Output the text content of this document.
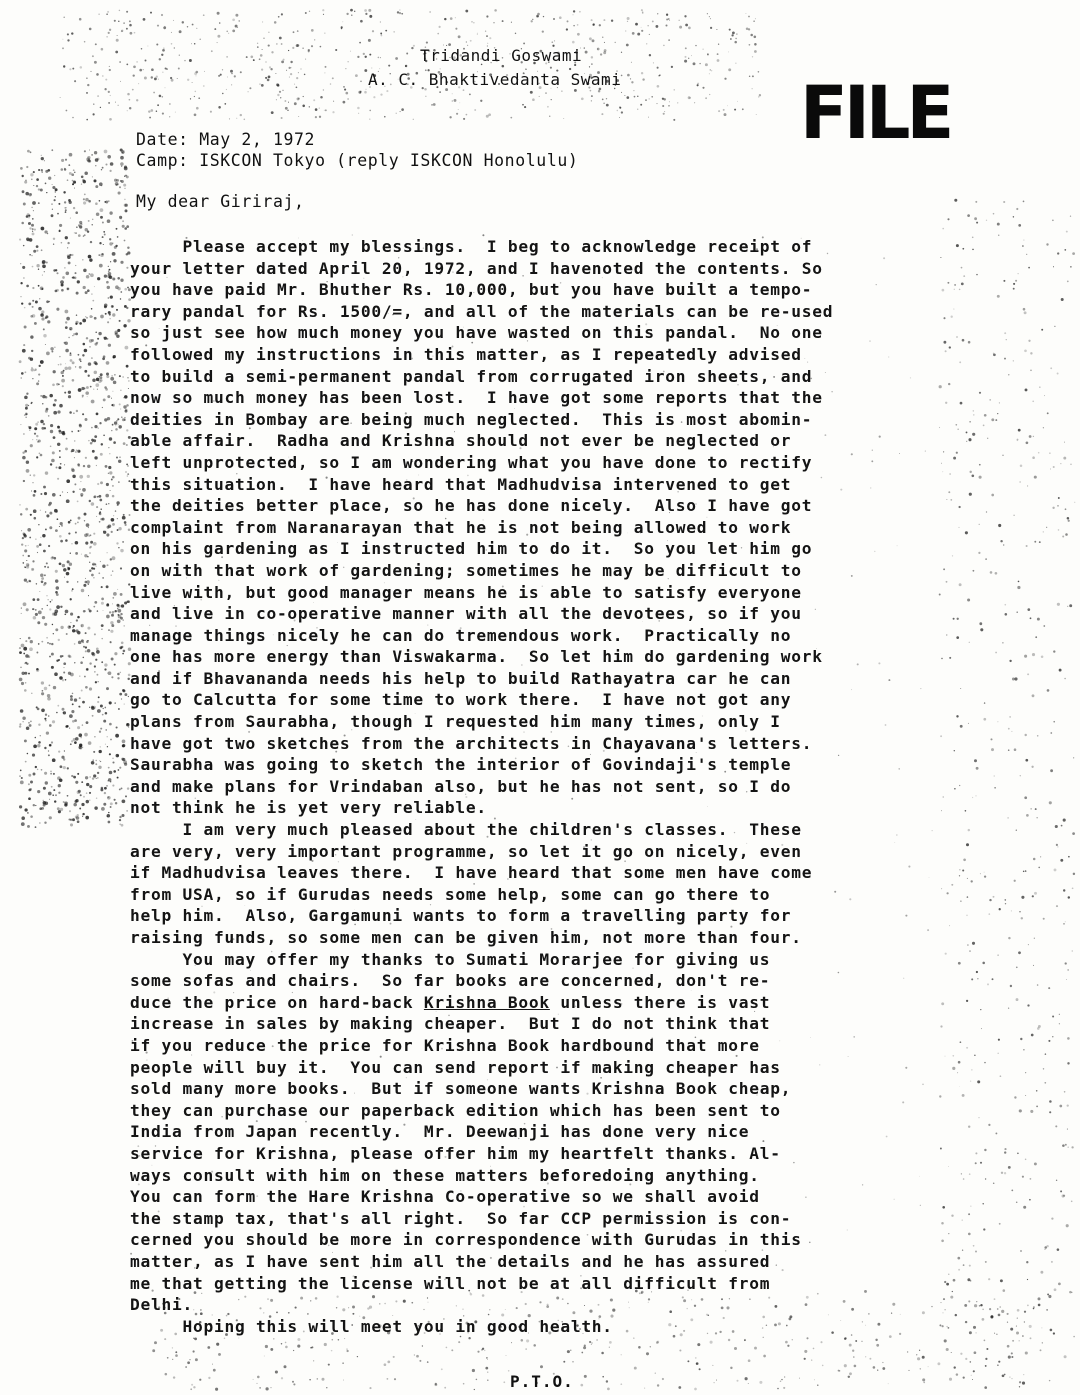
Tridandi Goswami
A. C. Bhaktivedanta Swami	FILE
Date: May 2, 1972
Camp: ISKCON Tokyo (reply ISKCON Honolulu)
My dear Giriraj,
Please accept my blessings.  I beg to acknowledge receipt of
your letter dated April 20, 1972, and I havenoted the contents. So
you have paid Mr. Bhuther Rs. 10,000, but you have built a tempo-
rary pandal for Rs. 1500/=, and all of the materials can be re-used
so just see how much money you have wasted on this pandal.  No one
followed my instructions in this matter, as I repeatedly advised
to build a semi-permanent pandal from corrugated iron sheets, and
now so much money has been lost.  I have got some reports that the
deities in Bombay are being much neglected.  This is most abomin-
able affair.  Radha and Krishna should not ever be neglected or
left unprotected, so I am wondering what you have done to rectify
this situation.  I have heard that Madhudvisa intervened to get
the deities better place, so he has done nicely.  Also I have got
complaint from Naranarayan that he is not being allowed to work
on his gardening as I instructed him to do it.  So you let him go
on with that work of gardening; sometimes he may be difficult to
live with, but good manager means he is able to satisfy everyone
and live in co-operative manner with all the devotees, so if you
manage things nicely he can do tremendous work.  Practically no
one has more energy than Viswakarma.  So let him do gardening work
and if Bhavananda needs his help to build Rathayatra car he can
go to Calcutta for some time to work there.  I have not got any
plans from Saurabha, though I requested him many times, only I
have got two sketches from the architects in Chayavana's letters.
Saurabha was going to sketch the interior of Govindaji's temple
and make plans for Vrindaban also, but he has not sent, so I do
not think he is yet very reliable.
I am very much pleased about the children's classes.  These
are very, very important programme, so let it go on nicely, even
if Madhudvisa leaves there.  I have heard that some men have come
from USA, so if Gurudas needs some help, some can go there to
help him.  Also, Gargamuni wants to form a travelling party for
raising funds, so some men can be given him, not more than four.
You may offer my thanks to Sumati Morarjee for giving us
some sofas and chairs.  So far books are concerned, don't re-
duce the price on hard-back Krishna Book unless there is vast
increase in sales by making cheaper.  But I do not think that
if you reduce the price for Krishna Book hardbound that more
people will buy it.  You can send report if making cheaper has
sold many more books.  But if someone wants Krishna Book cheap,
they can purchase our paperback edition which has been sent to
India from Japan recently.  Mr. Deewanji has done very nice
service for Krishna, please offer him my heartfelt thanks. Al-
ways consult with him on these matters beforedoing anything.
You can form the Hare Krishna Co-operative so we shall avoid
the stamp tax, that's all right.  So far CCP permission is con-
cerned you should be more in correspondence with Gurudas in this
matter, as I have sent him all the details and he has assured
me that getting the license will not be at all difficult from
Delhi.
Hoping this will meet you in good health.
P.T.O.
